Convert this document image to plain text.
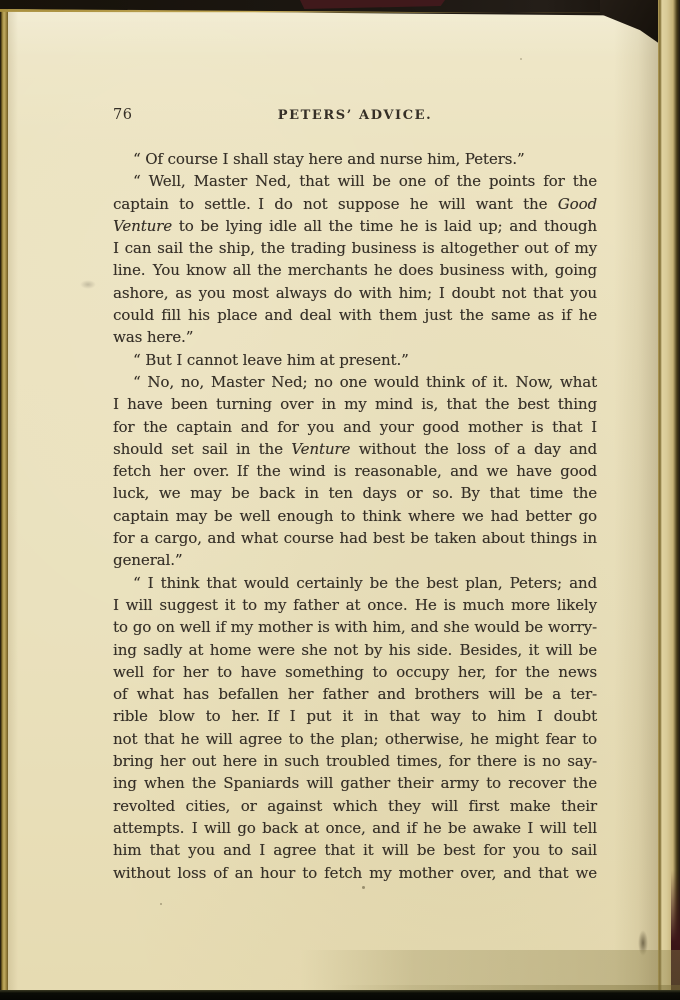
76	PETERS’ ADVICE.
“ Of course I shall stay here and nurse him, Peters.”
“ Well, Master Ned, that will be one of the points for the
captain to settle. I do not suppose he will want the Good
Venture to be lying idle all the time he is laid up; and though
I can sail the ship, the trading business is altogether out of my
line. You know all the merchants he does business with, going
ashore, as you most always do with him; I doubt not that you
could fill his place and deal with them just the same as if he
was here.”
“ But I cannot leave him at present.”
“ No, no, Master Ned; no one would think of it. Now, what
I have been turning over in my mind is, that the best thing
for the captain and for you and your good mother is that I
should set sail in the Venture without the loss of a day and
fetch her over. If the wind is reasonable, and we have good
luck, we may be back in ten days or so. By that time the
captain may be well enough to think where we had better go
for a cargo, and what course had best be taken about things in
general.”
“ I think that would certainly be the best plan, Peters; and
I will suggest it to my father at once. He is much more likely
to go on well if my mother is with him, and she would be worry-
ing sadly at home were she not by his side. Besides, it will be
well for her to have something to occupy her, for the news
of what has befallen her father and brothers will be a ter-
rible blow to her. If I put it in that way to him I doubt
not that he will agree to the plan; otherwise, he might fear to
bring her out here in such troubled times, for there is no say-
ing when the Spaniards will gather their army to recover the
revolted cities, or against which they will first make their
attempts. I will go back at once, and if he be awake I will tell
him that you and I agree that it will be best for you to sail
without loss of an hour to fetch my mother over, and that we
